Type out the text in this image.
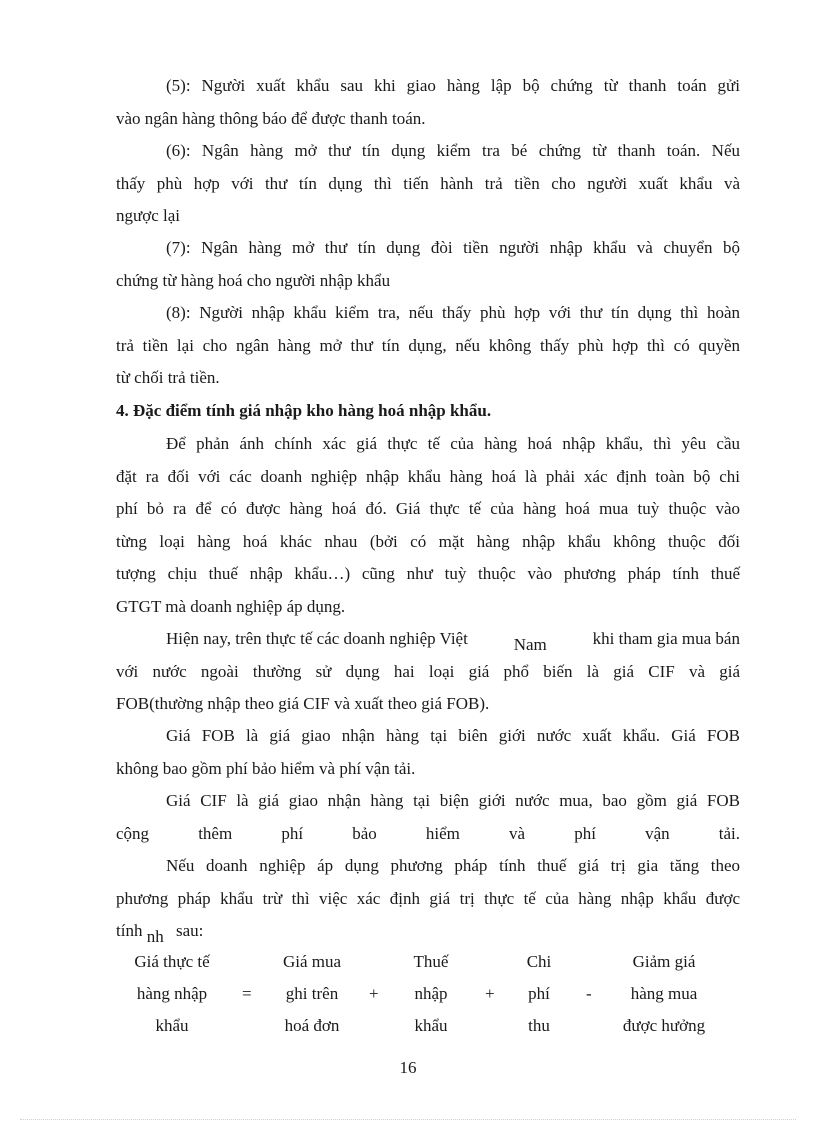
(5): Người xuất khẩu sau khi giao hàng lập bộ chứng từ thanh toán gửi
vào ngân hàng thông báo để được thanh toán.

(6): Ngân hàng mở thư tín dụng kiểm tra bé chứng từ thanh toán. Nếu
thấy phù hợp với thư tín dụng thì tiến hành trả tiền cho người xuất khẩu và
ngược lại

(7): Ngân hàng mở thư tín dụng đòi tiền người nhập khẩu và chuyển bộ
chứng từ hàng hoá cho người nhập khẩu

(8): Người nhập khẩu kiểm tra, nếu thấy phù hợp với thư tín dụng thì hoàn
trả tiền lại cho ngân hàng mở thư tín dụng, nếu không thấy phù hợp thì có quyền
từ chối trả tiền.

4. Đặc điểm tính giá nhập kho hàng hoá nhập khẩu.

Để phản ánh chính xác giá thực tế của hàng hoá nhập khẩu, thì yêu cầu
đặt ra đối với các doanh nghiệp nhập khẩu hàng hoá là phải xác định toàn bộ chi
phí bỏ ra để có được hàng hoá đó. Giá thực tế của hàng hoá mua tuỳ thuộc vào
từng loại hàng hoá khác nhau (bởi có mặt hàng nhập khẩu không thuộc đối
tượng chịu thuế nhập khẩu…) cũng như tuỳ thuộc vào phương pháp tính thuế
GTGT mà doanh nghiệp áp dụng.

Hiện nay, trên thực tế các doanh nghiệp Việt	Nam	khi tham gia mua bán
với nước ngoài thường sử dụng hai loại giá phổ biến là giá CIF và giá
FOB(thường nhập theo giá CIF và xuất theo giá FOB).

Giá FOB là giá giao nhận hàng tại biên giới nước xuất khẩu. Giá FOB
không bao gồm phí bảo hiểm và phí vận tải.

Giá CIF là giá giao nhận hàng tại biện giới nước mua, bao gồm giá FOB
cộng thêm phí bảo hiểm và phí vận tải.

Nếu doanh nghiệp áp dụng phương pháp tính thuế giá trị gia tăng theo
phương pháp khẩu trừ thì việc xác định giá trị thực tế của hàng nhập khẩu được
tính nh sau:

Giá thực tế
hàng nhập
khẩu
=
Giá mua
ghi trên
hoá đơn
+
Thuế
nhập
khẩu
+
Chi
phí
thu
-
Giảm giá
hàng mua
được hưởng
16
